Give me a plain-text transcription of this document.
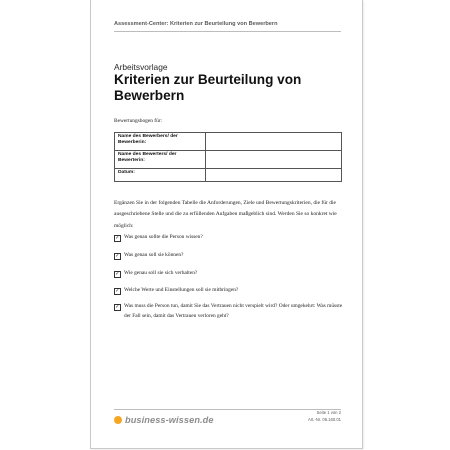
Assessment-Center: Kriterien zur Beurteilung von Bewerbern
Arbeitsvorlage
Kriterien zur Beurteilung von Bewerbern
Bewertungsbogen für:
Name des Bewerbers/ der Bewerberin:	
Name des Bewerters/ der Bewerterin:	
Datum:	
Ergänzen Sie in der folgenden Tabelle die Anforderungen, Ziele und Bewertungskriterien, die für die ausgeschriebene Stelle und die zu erfüllenden Aufgaben maßgeblich sind. Werden Sie so konkret wie möglich:
✓ Was genau sollte die Person wissen?
✓ Was genau soll sie können?
✓ Wie genau soll sie sich verhalten?
✓ Welche Werte und Einstellungen soll sie mitbringen?
✓ Was muss die Person tun, damit Sie das Vertrauen nicht verspielt wird? Oder umgekehrt: Was müsste der Fall sein, damit das Vertrauen verloren geht?
business-wissen.de
Seite 1 von 2
Art.-Nr. 06.160.01
